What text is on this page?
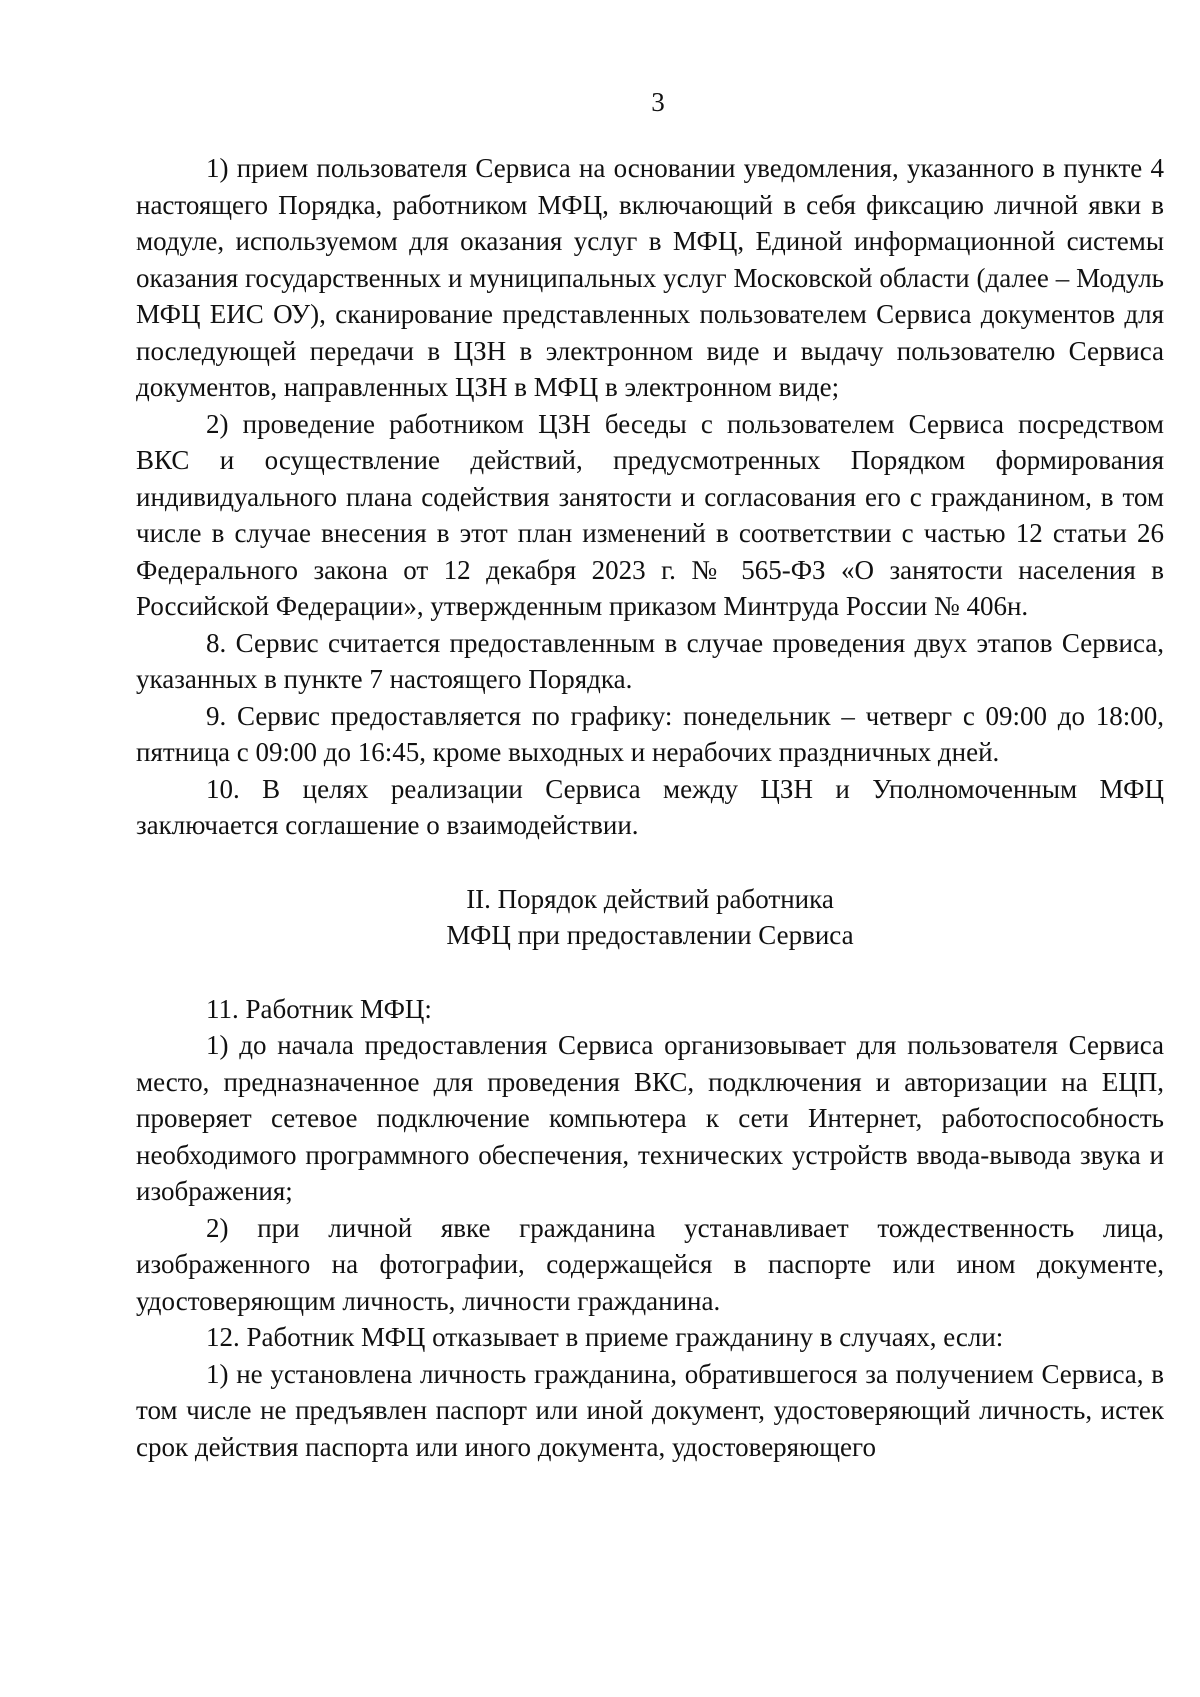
3

1) прием пользователя Сервиса на основании уведомления, указанного в пункте 4 настоящего Порядка, работником МФЦ, включающий в себя фиксацию личной явки в модуле, используемом для оказания услуг в МФЦ, Единой информационной системы оказания государственных и муниципальных услуг Московской области (далее – Модуль МФЦ ЕИС ОУ), сканирование представленных пользователем Сервиса документов для последующей передачи в ЦЗН в электронном виде и выдачу пользователю Сервиса документов, направленных ЦЗН в МФЦ в электронном виде;

2) проведение работником ЦЗН беседы с пользователем Сервиса посредством ВКС и осуществление действий, предусмотренных Порядком формирования индивидуального плана содействия занятости и согласования его с гражданином, в том числе в случае внесения в этот план изменений в соответствии с частью 12 статьи 26 Федерального закона от 12 декабря 2023 г. № 565-ФЗ «О занятости населения в Российской Федерации», утвержденным приказом Минтруда России № 406н.

8. Сервис считается предоставленным в случае проведения двух этапов Сервиса, указанных в пункте 7 настоящего Порядка.

9. Сервис предоставляется по графику: понедельник – четверг с 09:00 до 18:00, пятница с 09:00 до 16:45, кроме выходных и нерабочих праздничных дней.

10. В целях реализации Сервиса между ЦЗН и Уполномоченным МФЦ заключается соглашение о взаимодействии.

II. Порядок действий работника
МФЦ при предоставлении Сервиса

11. Работник МФЦ:

1) до начала предоставления Сервиса организовывает для пользователя Сервиса место, предназначенное для проведения ВКС, подключения и авторизации на ЕЦП, проверяет сетевое подключение компьютера к сети Интернет, работоспособность необходимого программного обеспечения, технических устройств ввода-вывода звука и изображения;

2) при личной явке гражданина устанавливает тождественность лица, изображенного на фотографии, содержащейся в паспорте или ином документе, удостоверяющим личность, личности гражданина.

12. Работник МФЦ отказывает в приеме гражданину в случаях, если:

1) не установлена личность гражданина, обратившегося за получением Сервиса, в том числе не предъявлен паспорт или иной документ, удостоверяющий личность, истек срок действия паспорта или иного документа, удостоверяющего
